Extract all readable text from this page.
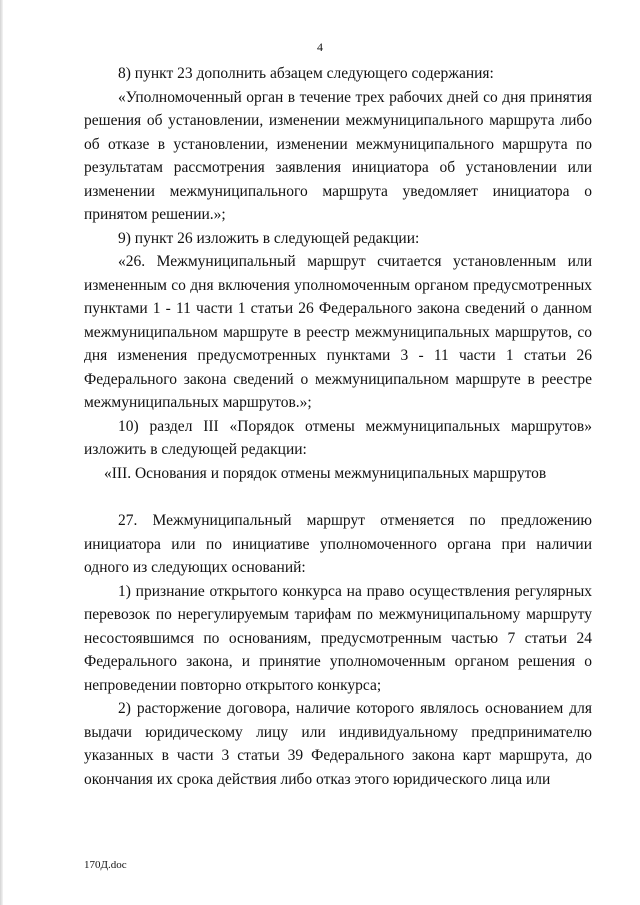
4

8) пункт 23 дополнить абзацем следующего содержания:

«Уполномоченный орган в течение трех рабочих дней со дня принятия решения об установлении, изменении межмуниципального маршрута либо об отказе в установлении, изменении межмуниципального маршрута по результатам рассмотрения заявления инициатора об установлении или изменении межмуниципального маршрута уведомляет инициатора о принятом решении.»;

9) пункт 26 изложить в следующей редакции:

«26. Межмуниципальный маршрут считается установленным или измененным со дня включения уполномоченным органом предусмотренных пунктами 1 - 11 части 1 статьи 26 Федерального закона сведений о данном межмуниципальном маршруте в реестр межмуниципальных маршрутов, со дня изменения предусмотренных пунктами 3 - 11 части 1 статьи 26 Федерального закона сведений о межмуниципальном маршруте в реестре межмуниципальных маршрутов.»;

10) раздел III «Порядок отмены межмуниципальных маршрутов» изложить в следующей редакции:

«III. Основания и порядок отмены межмуниципальных маршрутов

27. Межмуниципальный маршрут отменяется по предложению инициатора или по инициативе уполномоченного органа при наличии одного из следующих оснований:

1) признание открытого конкурса на право осуществления регулярных перевозок по нерегулируемым тарифам по межмуниципальному маршруту несостоявшимся по основаниям, предусмотренным частью 7 статьи 24 Федерального закона, и принятие уполномоченным органом решения о непроведении повторно открытого конкурса;

2) расторжение договора, наличие которого являлось основанием для выдачи юридическому лицу или индивидуальному предпринимателю указанных в части 3 статьи 39 Федерального закона карт маршрута, до окончания их срока действия либо отказ этого юридического лица или

170Д.doc
